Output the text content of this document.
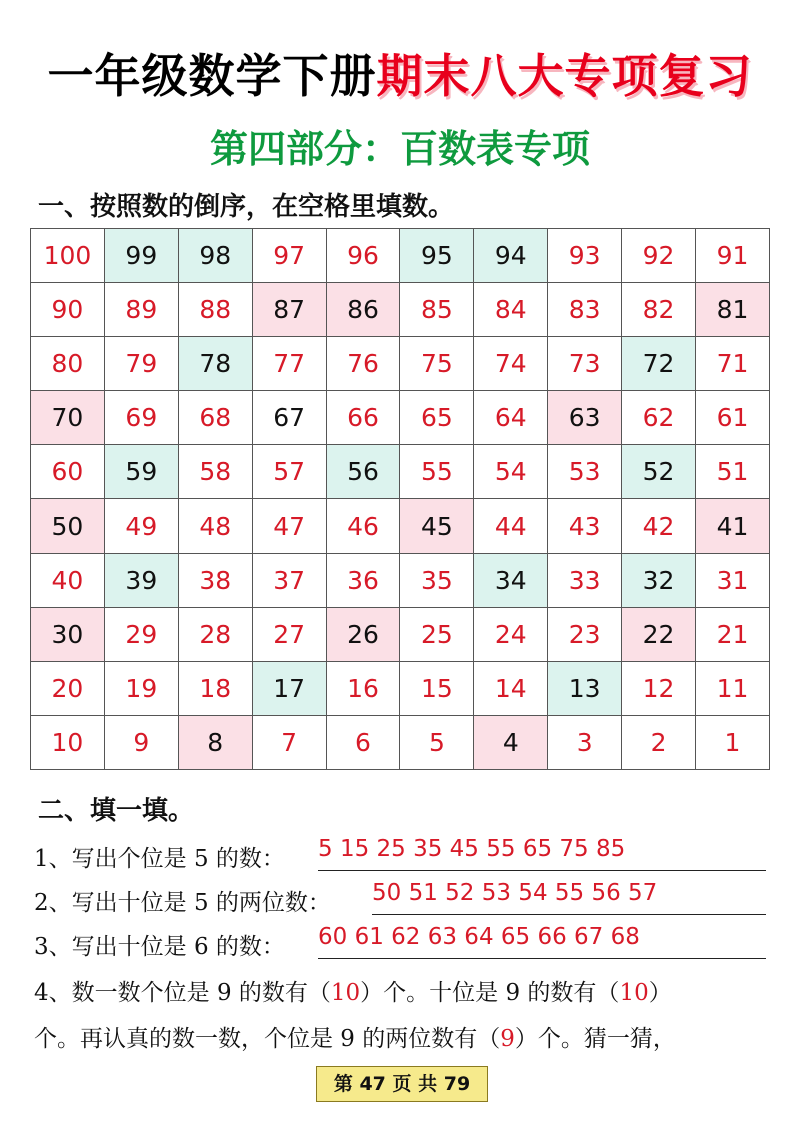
一年级数学下册期末八大专项复习
第四部分：百数表专项
一、按照数的倒序，在空格里填数。
100	99	98	97	96	95	94	93	92	91
90	89	88	87	86	85	84	83	82	81
80	79	78	77	76	75	74	73	72	71
70	69	68	67	66	65	64	63	62	61
60	59	58	57	56	55	54	53	52	51
50	49	48	47	46	45	44	43	42	41
40	39	38	37	36	35	34	33	32	31
30	29	28	27	26	25	24	23	22	21
20	19	18	17	16	15	14	13	12	11
10	9	8	7	6	5	4	3	2	1
二、填一填。
1、写出个位是 5 的数： 5 15 25 35 45 55 65 75 85
2、写出十位是 5 的两位数： 50 51 52 53 54 55 56 57
3、写出十位是 6 的数： 60 61 62 63 64 65 66 67 68
4、数一数个位是 9 的数有（10）个。十位是 9 的数有（10）
个。再认真的数一数，个位是 9 的两位数有（9）个。猜一猜，
第 47 页 共 79
